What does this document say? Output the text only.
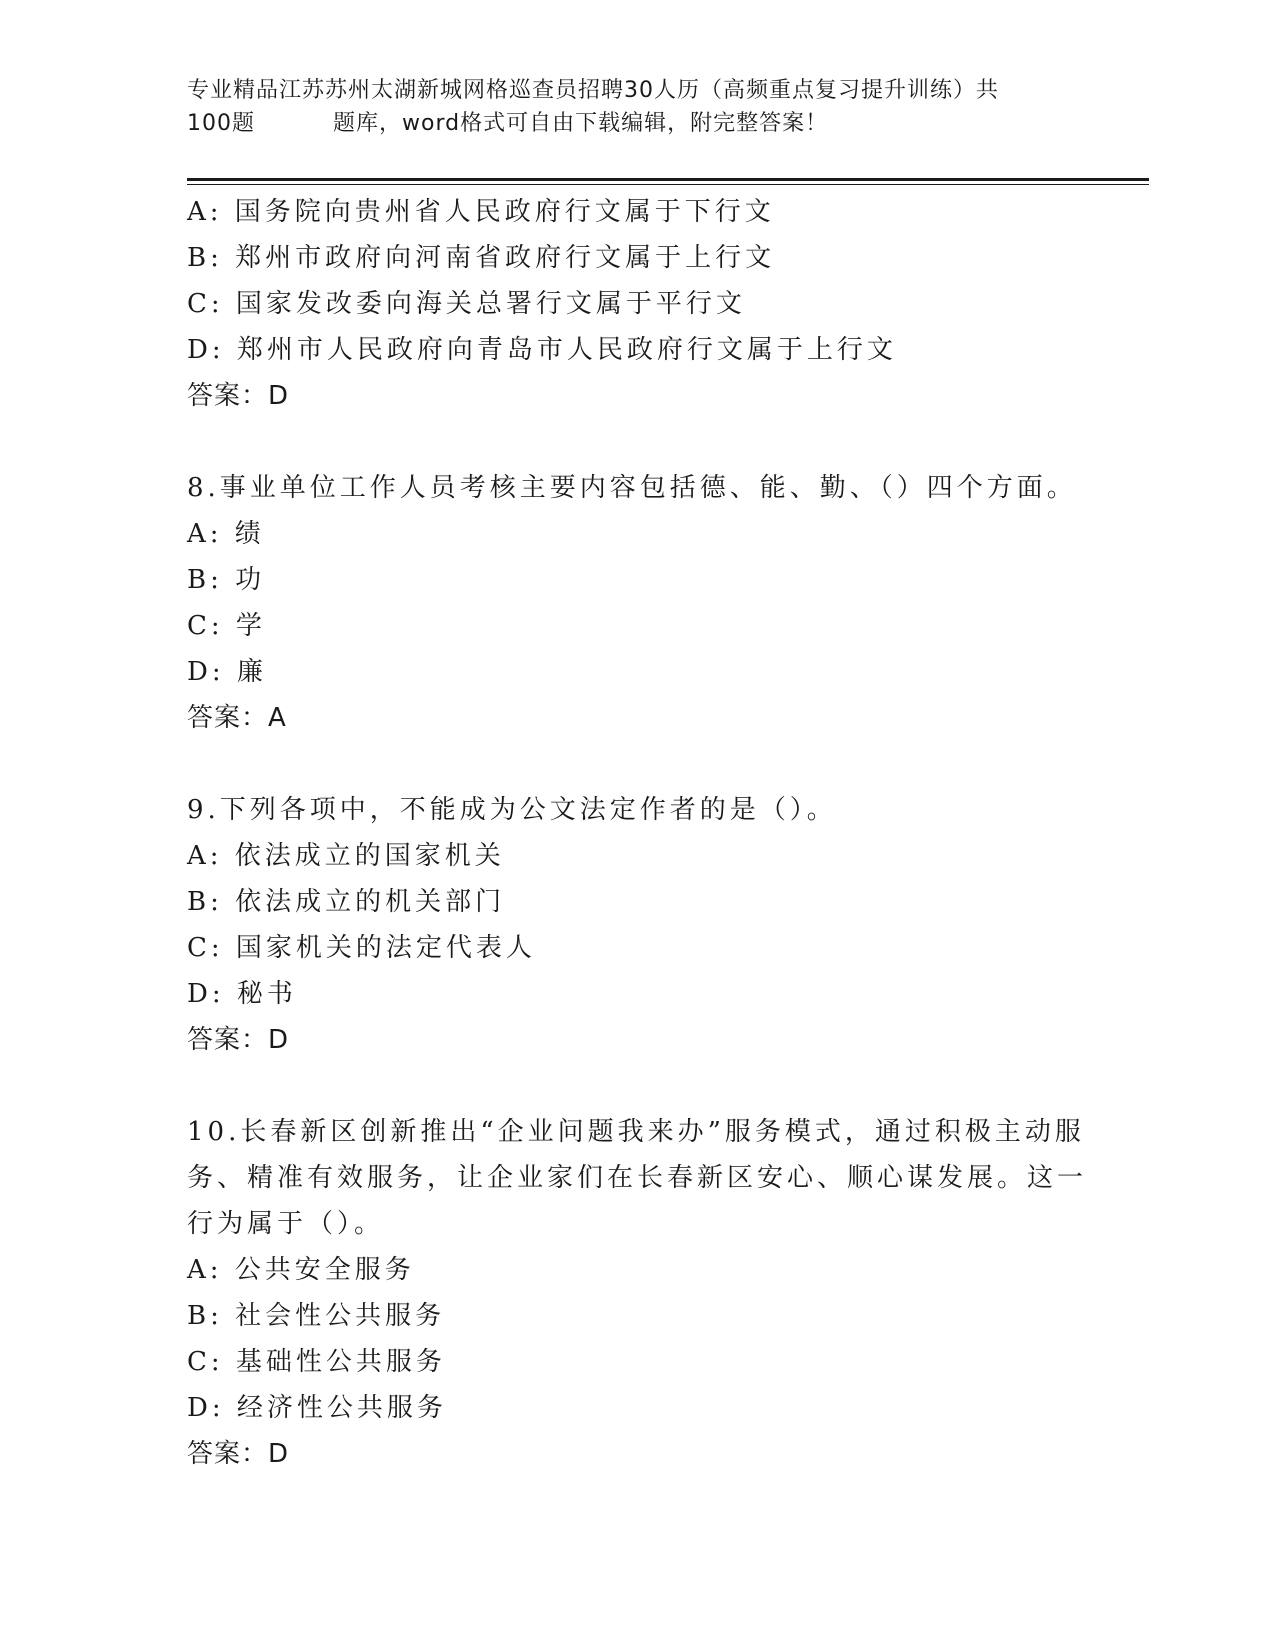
专业精品江苏苏州太湖新城网格巡查员招聘30人历（高频重点复习提升训练）共
100题	题库，word格式可自由下载编辑，附完整答案！
A: 国务院向贵州省人民政府行文属于下行文
B: 郑州市政府向河南省政府行文属于上行文
C: 国家发改委向海关总署行文属于平行文
D: 郑州市人民政府向青岛市人民政府行文属于上行文
答案：D
8.事业单位工作人员考核主要内容包括德、能、勤、（）四个方面。
A: 绩
B: 功
C: 学
D: 廉
答案：A
9.下列各项中，不能成为公文法定作者的是（）。
A: 依法成立的国家机关
B: 依法成立的机关部门
C: 国家机关的法定代表人
D: 秘书
答案：D
10.长春新区创新推出“企业问题我来办”服务模式，通过积极主动服
务、精准有效服务，让企业家们在长春新区安心、顺心谋发展。这一
行为属于（）。
A: 公共安全服务
B: 社会性公共服务
C: 基础性公共服务
D: 经济性公共服务
答案：D
